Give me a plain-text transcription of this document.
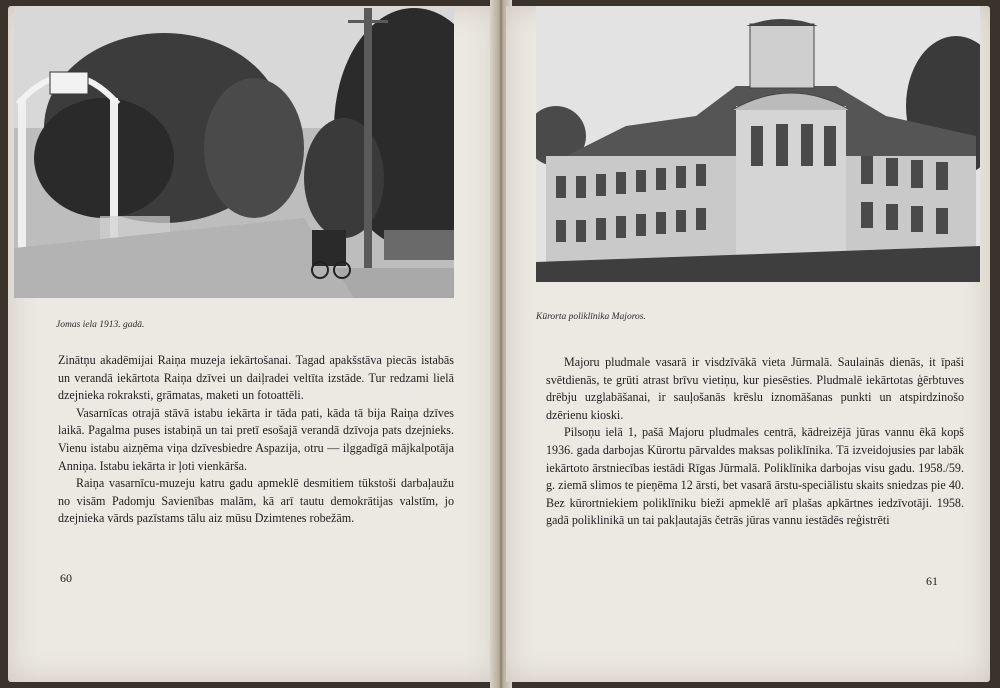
Jomas iela 1913. gadā.

Zinātņu akadēmijai Raiņa muzeja iekārtošanai. Tagad apakšstāva piecās istabās un verandā iekārtota Raiņa dzīvei un daiļradei veltīta izstāde. Tur redzami lielā dzejnieka rokraksti, grāmatas, maketi un fotoattēli.

Vasarnīcas otrajā stāvā istabu iekārta ir tāda pati, kāda tā bija Raiņa dzīves laikā. Pagalma puses istabiņā un tai pretī esošajā verandā dzīvoja pats dzejnieks. Vienu istabu aizņēma viņa dzīvesbiedre Aspazija, otru — ilggadīgā mājkalpotāja Anniņa. Istabu iekārta ir ļoti vienkārša.

Raiņa vasarnīcu-muzeju katru gadu apmeklē desmitiem tūkstoši darbaļaužu no visām Padomju Savienības malām, kā arī tautu demokrātijas valstīm, jo dzejnieka vārds pazīstams tālu aiz mūsu Dzimtenes robežām.

60
Kūrorta poliklīnika Majoros.

Majoru pludmale vasarā ir visdzīvākā vieta Jūrmalā. Saulainās dienās, it īpaši svētdienās, te grūti atrast brīvu vietiņu, kur piesēsties. Pludmalē iekārtotas ģērbtuves drēbju uzglabāšanai, ir sauļošanās krēslu iznomāšanas punkti un atspirdzinošo dzērienu kioski.

Pilsoņu ielā 1, pašā Majoru pludmales centrā, kādreizējā jūras vannu ēkā kopš 1936. gada darbojas Kūrortu pārvaldes maksas poliklīnika. Tā izveidojusies par labāk iekārtoto ārstniecības iestādi Rīgas Jūrmalā. Poliklīnika darbojas visu gadu. 1958./59. g. ziemā slimos te pieņēma 12 ārsti, bet vasarā ārstu-speciālistu skaits sniedzas pie 40. Bez kūrortniekiem poliklīniku bieži apmeklē arī plašas apkārtnes iedzīvotāji. 1958. gadā poliklinikā un tai pakļautajās četrās jūras vannu iestādēs reģistrēti

61
